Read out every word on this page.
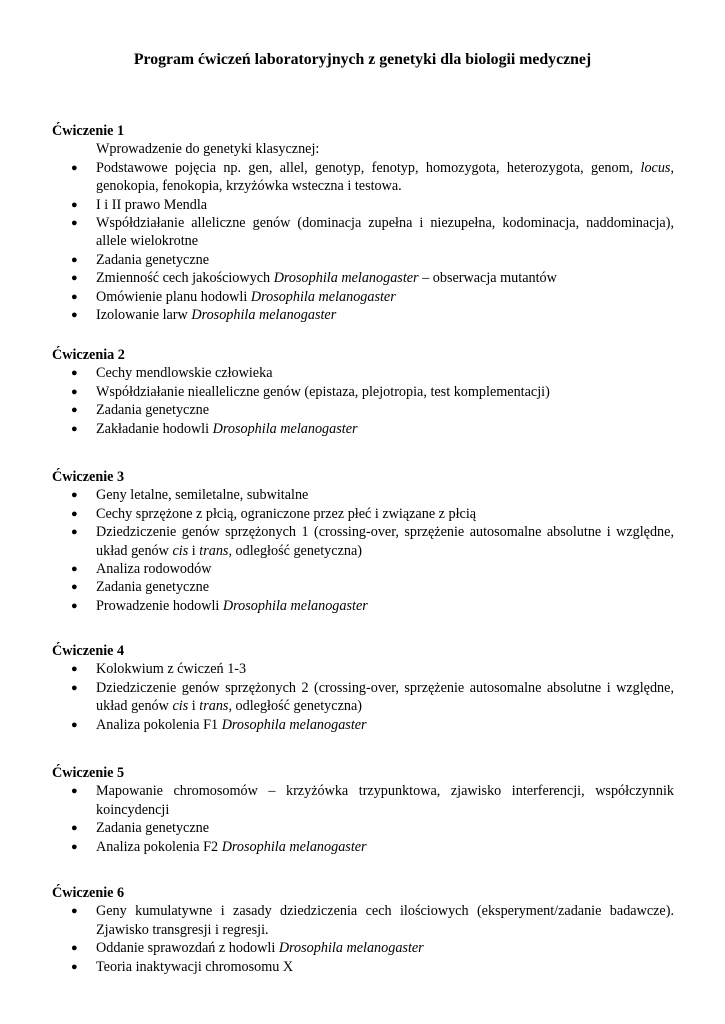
Program ćwiczeń laboratoryjnych z genetyki dla biologii medycznej
Ćwiczenie 1
Wprowadzenie do genetyki klasycznej:
● Podstawowe pojęcia np. gen, allel, genotyp, fenotyp, homozygota, heterozygota, genom, locus, genokopia, fenokopia, krzyżówka wsteczna i testowa.
● I i II prawo Mendla
● Współdziałanie alleliczne genów (dominacja zupełna i niezupełna, kodominacja, naddominacja), allele wielokrotne
● Zadania genetyczne
● Zmienność cech jakościowych Drosophila melanogaster – obserwacja mutantów
● Omówienie planu hodowli Drosophila melanogaster
● Izolowanie larw Drosophila melanogaster
Ćwiczenia 2
● Cechy mendlowskie człowieka
● Współdziałanie niealleliczne genów (epistaza, plejotropia, test komplementacji)
● Zadania genetyczne
● Zakładanie hodowli Drosophila melanogaster
Ćwiczenie 3
● Geny letalne, semiletalne, subwitalne
● Cechy sprzężone z płcią, ograniczone przez płeć i związane z płcią
● Dziedziczenie genów sprzężonych 1 (crossing-over, sprzężenie autosomalne absolutne i względne, układ genów cis i trans, odległość genetyczna)
● Analiza rodowodów
● Zadania genetyczne
● Prowadzenie hodowli Drosophila melanogaster
Ćwiczenie 4
● Kolokwium z ćwiczeń 1-3
● Dziedziczenie genów sprzężonych 2 (crossing-over, sprzężenie autosomalne absolutne i względne, układ genów cis i trans, odległość genetyczna)
● Analiza pokolenia F1 Drosophila melanogaster
Ćwiczenie 5
● Mapowanie chromosomów – krzyżówka trzypunktowa, zjawisko interferencji, współczynnik koincydencji
● Zadania genetyczne
● Analiza pokolenia F2 Drosophila melanogaster
Ćwiczenie 6
● Geny kumulatywne i zasady dziedziczenia cech ilościowych (eksperyment/zadanie badawcze). Zjawisko transgresji i regresji.
● Oddanie sprawozdań z hodowli Drosophila melanogaster
● Teoria inaktywacji chromosomu X
